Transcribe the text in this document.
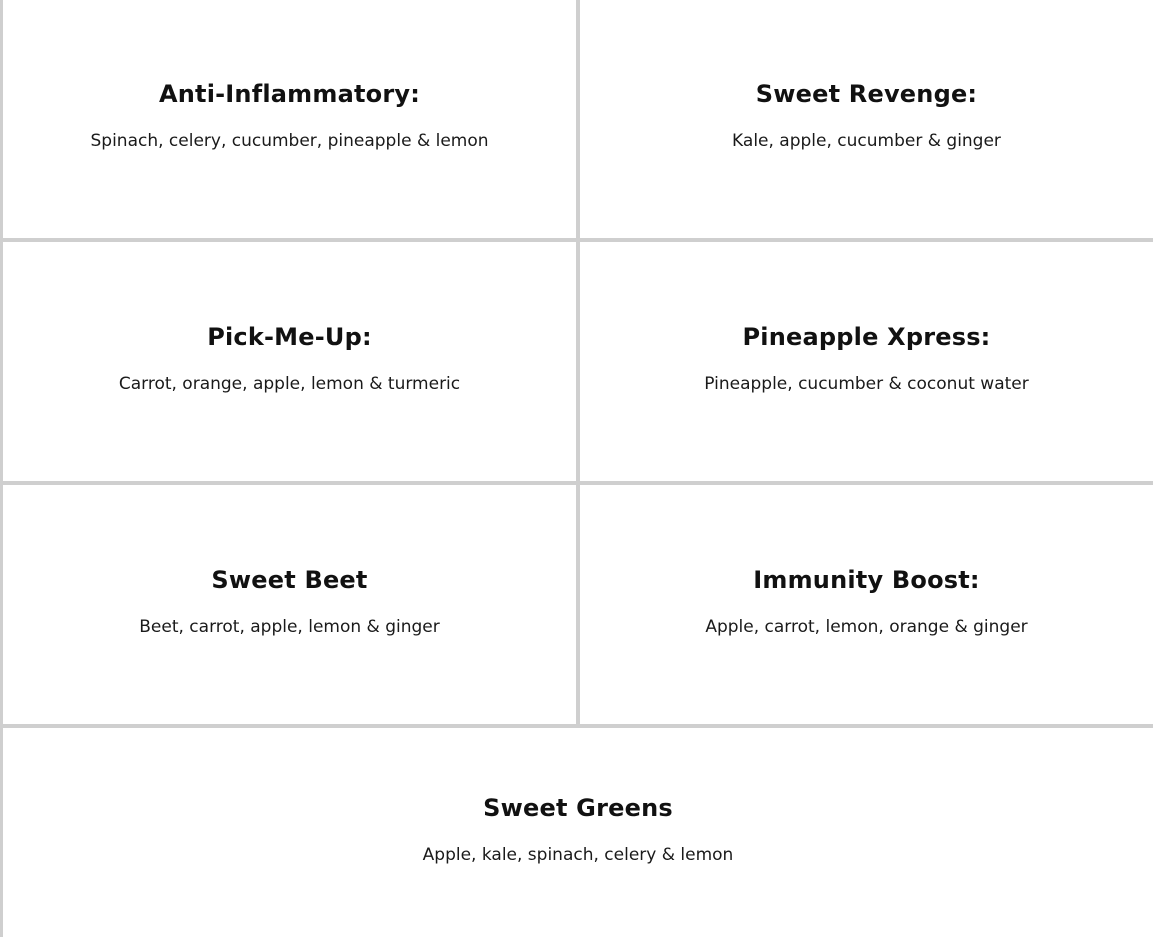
Anti-Inflammatory:

Spinach, celery, cucumber, pineapple & lemon

Sweet Revenge:

Kale, apple, cucumber & ginger

Pick-Me-Up:

Carrot, orange, apple, lemon & turmeric

Pineapple Xpress:

Pineapple, cucumber & coconut water

Sweet Beet

Beet, carrot, apple, lemon & ginger

Immunity Boost:

Apple, carrot, lemon, orange & ginger

Sweet Greens

Apple, kale, spinach, celery & lemon
